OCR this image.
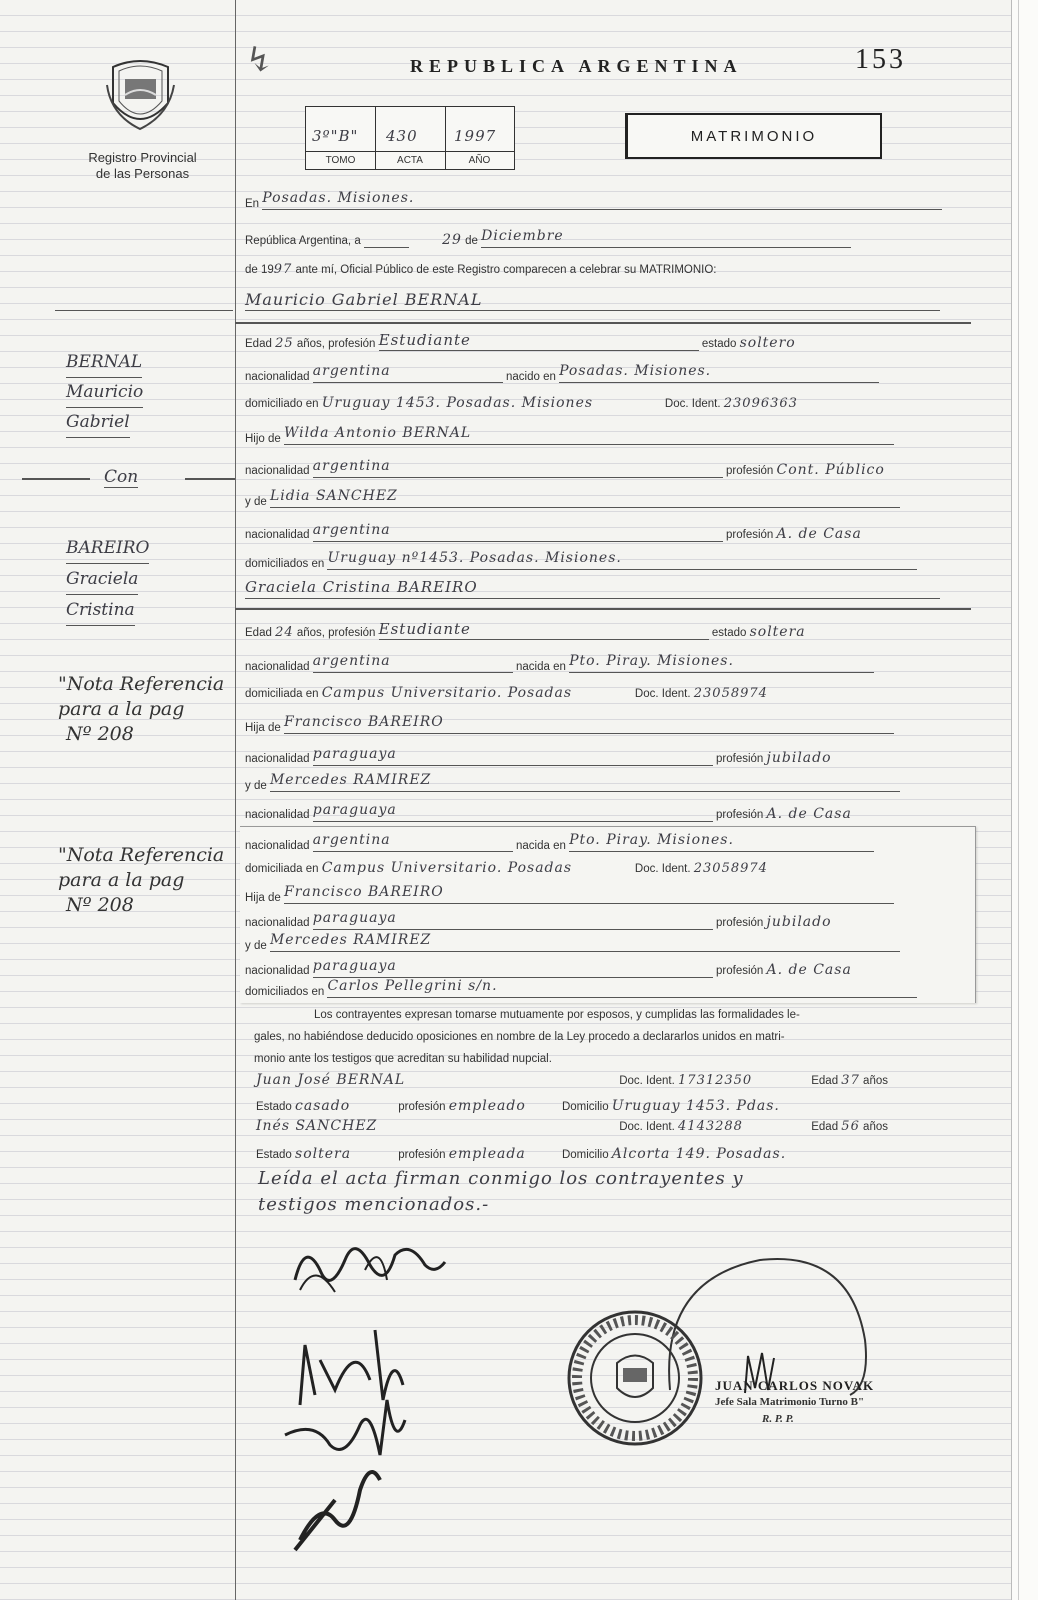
Registro Provincial
de las Personas
REPUBLICA ARGENTINA	153
↯
3º"B" 430 1997
TOMO	ACTA	AÑO
MATRIMONIO
En Posadas. Misiones.
República Argentina, a	29 de Diciembre
de 1997 ante mí, Oficial Público de este Registro comparecen a celebrar su MATRIMONIO:
Mauricio Gabriel BERNAL
Edad 25 años, profesión Estudiante	estado soltero
nacionalidad argentina	nacido en Posadas. Misiones.
domiciliado en Uruguay 1453. Posadas. Misiones	Doc. Ident. 23096363
Hijo de Wilda Antonio BERNAL
nacionalidad argentina	profesión Cont. Público
y de Lidia SANCHEZ
nacionalidad argentina	profesión A. de Casa
domiciliados en Uruguay nº1453. Posadas. Misiones.
Graciela Cristina BAREIRO
Edad 24 años, profesión Estudiante	estado soltera
nacionalidad argentina	nacida en Pto. Piray. Misiones.
domiciliada en Campus Universitario. Posadas	Doc. Ident. 23058974
Hija de Francisco BAREIRO
nacionalidad paraguaya	profesión jubilado
y de Mercedes RAMIREZ
nacionalidad paraguaya	profesión A. de Casa
nacionalidad argentina	nacida en Pto. Piray. Misiones.
domiciliada en Campus Universitario. Posadas	Doc. Ident. 23058974
Hija de Francisco BAREIRO
nacionalidad paraguaya	profesión jubilado
y de Mercedes RAMIREZ
nacionalidad paraguaya	profesión A. de Casa
domiciliados en Carlos Pellegrini s/n.
Los contrayentes expresan tomarse mutuamente por esposos, y cumplidas las formalidades le-
gales, no habiéndose deducido oposiciones en nombre de la Ley procedo a declararlos unidos en matri-
monio ante los testigos que acreditan su habilidad nupcial.
Juan José BERNAL	Doc. Ident. 17312350	Edad 37 años
Estado casado	profesión empleado	Domicilio Uruguay 1453. Pdas.
Inés SANCHEZ	Doc. Ident. 4143288	Edad 56 años
Estado soltera	profesión empleada	Domicilio Alcorta 149. Posadas.
Leída el acta firman conmigo los contrayentes y
testigos mencionados.-
BERNAL
Mauricio
Gabriel
Con
BAREIRO
Graciela
Cristina
"Nota Referencia
para a la pag
Nº 208
"Nota Referencia
para a la pag
Nº 208
JUAN CARLOS NOVAK
Jefe Sala Matrimonio Turno B"
R. P. P.
